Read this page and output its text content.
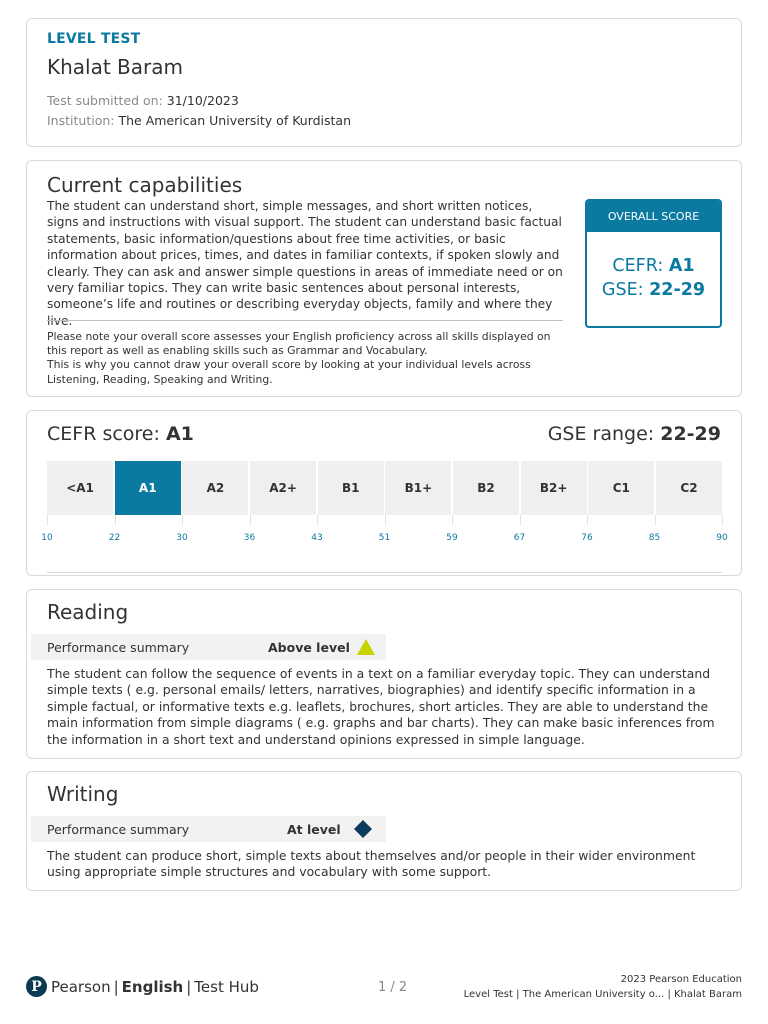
LEVEL TEST
Khalat Baram
Test submitted on: 31/10/2023
Institution: The American University of Kurdistan
Current capabilities
The student can understand short, simple messages, and short written notices, signs and instructions with visual support. The student can understand basic factual statements, basic information/questions about free time activities, or basic information about prices, times, and dates in familiar contexts, if spoken slowly and clearly. They can ask and answer simple questions in areas of immediate need or on very familiar topics. They can write basic sentences about personal interests, someone’s life and routines or describing everyday objects, family and where they live.
Please note your overall score assesses your English proficiency across all skills displayed on this report as well as enabling skills such as Grammar and Vocabulary.
This is why you cannot draw your overall score by looking at your individual levels across Listening, Reading, Speaking and Writing.
OVERALL SCORE
CEFR: A1
GSE: 22-29
CEFR score: A1	GSE range: 22-29
<A1	A1	A2	A2+	B1	B1+	B2	B2+	C1	C2
10	22	30	36	43	51	59	67	76	85	90
Reading
Performance summary	Above level
The student can follow the sequence of events in a text on a familiar everyday topic. They can understand simple texts ( e.g. personal emails/ letters, narratives, biographies) and identify specific information in a simple factual, or informative texts e.g. leaflets, brochures, short articles. They are able to understand the main information from simple diagrams ( e.g. graphs and bar charts). They can make basic inferences from the information in a short text and understand opinions expressed in simple language.
Writing
Performance summary	At level
The student can produce short, simple texts about themselves and/or people in their wider environment using appropriate simple structures and vocabulary with some support.
P Pearson | English | Test Hub	1 / 2
2023 Pearson Education
Level Test | The American University o... | Khalat Baram
